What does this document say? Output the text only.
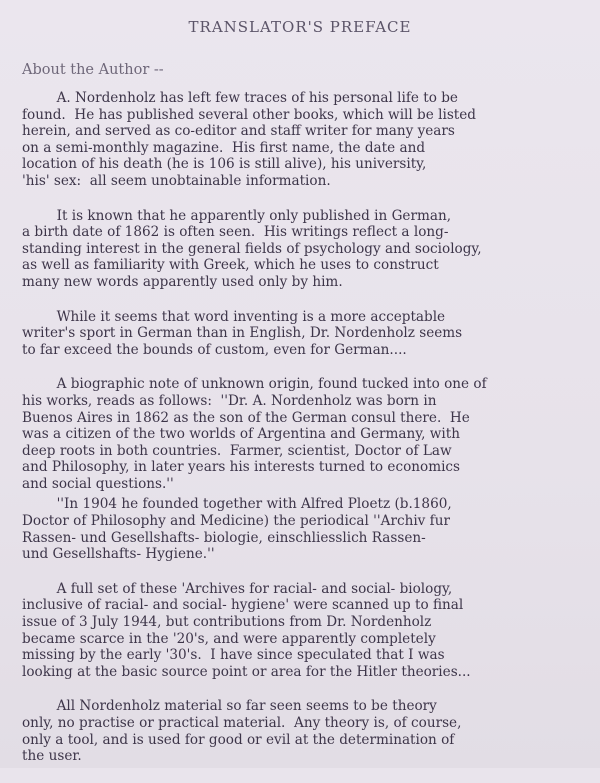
TRANSLATOR'S PREFACE
About the Author --

A. Nordenholz has left few traces of his personal life to be
found.  He has published several other books, which will be listed
herein, and served as co-editor and staff writer for many years
on a semi-monthly magazine.  His first name, the date and
location of his death (he is 106 is still alive), his university,
'his' sex:  all seem unobtainable information.

It is known that he apparently only published in German,
a birth date of 1862 is often seen.  His writings reflect a long-
standing interest in the general fields of psychology and sociology,
as well as familiarity with Greek, which he uses to construct
many new words apparently used only by him.

While it seems that word inventing is a more acceptable
writer's sport in German than in English, Dr. Nordenholz seems
to far exceed the bounds of custom, even for German....

A biographic note of unknown origin, found tucked into one of
his works, reads as follows:  ''Dr. A. Nordenholz was born in
Buenos Aires in 1862 as the son of the German consul there.  He
was a citizen of the two worlds of Argentina and Germany, with
deep roots in both countries.  Farmer, scientist, Doctor of Law
and Philosophy, in later years his interests turned to economics
and social questions.''

''In 1904 he founded together with Alfred Ploetz (b.1860,
Doctor of Philosophy and Medicine) the periodical ''Archiv fur
Rassen- und Gesellshafts- biologie, einschliesslich Rassen-
und Gesellshafts- Hygiene.''

A full set of these 'Archives for racial- and social- biology,
inclusive of racial- and social- hygiene' were scanned up to final
issue of 3 July 1944, but contributions from Dr. Nordenholz
became scarce in the '20's, and were apparently completely
missing by the early '30's.  I have since speculated that I was
looking at the basic source point or area for the Hitler theories...

All Nordenholz material so far seen seems to be theory
only, no practise or practical material.  Any theory is, of course,
only a tool, and is used for good or evil at the determination of
the user.
